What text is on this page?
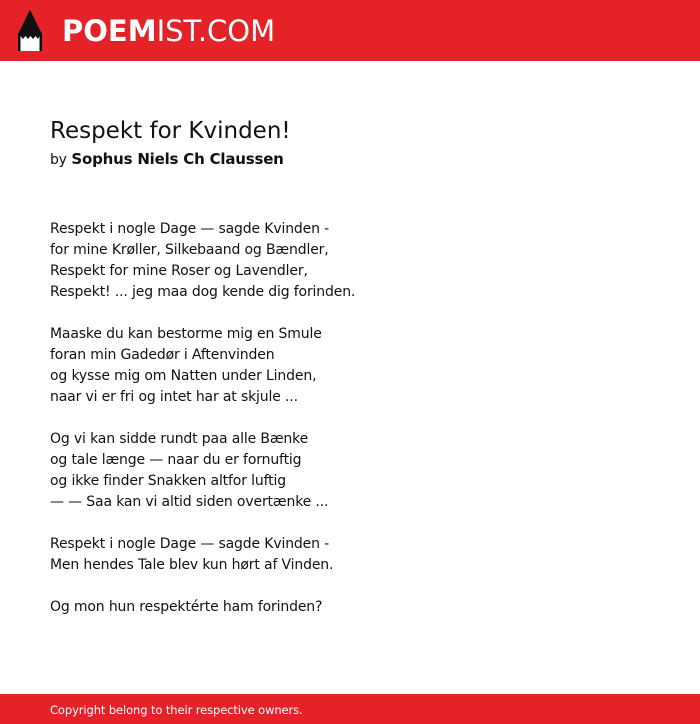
POEMIST.COM
Respekt for Kvinden!
by Sophus Niels Ch Claussen
Respekt i nogle Dage — sagde Kvinden -
for mine Krøller, Silkebaand og Bændler,
Respekt for mine Roser og Lavendler,
Respekt! ... jeg maa dog kende dig forinden.
Maaske du kan bestorme mig en Smule
foran min Gadedør i Aftenvinden
og kysse mig om Natten under Linden,
naar vi er fri og intet har at skjule ...
Og vi kan sidde rundt paa alle Bænke
og tale længe — naar du er fornuftig
og ikke finder Snakken altfor luftig
— — Saa kan vi altid siden overtænke ...
Respekt i nogle Dage — sagde Kvinden -
Men hendes Tale blev kun hørt af Vinden.
Og mon hun respektérte ham forinden?
Copyright belong to their respective owners.
